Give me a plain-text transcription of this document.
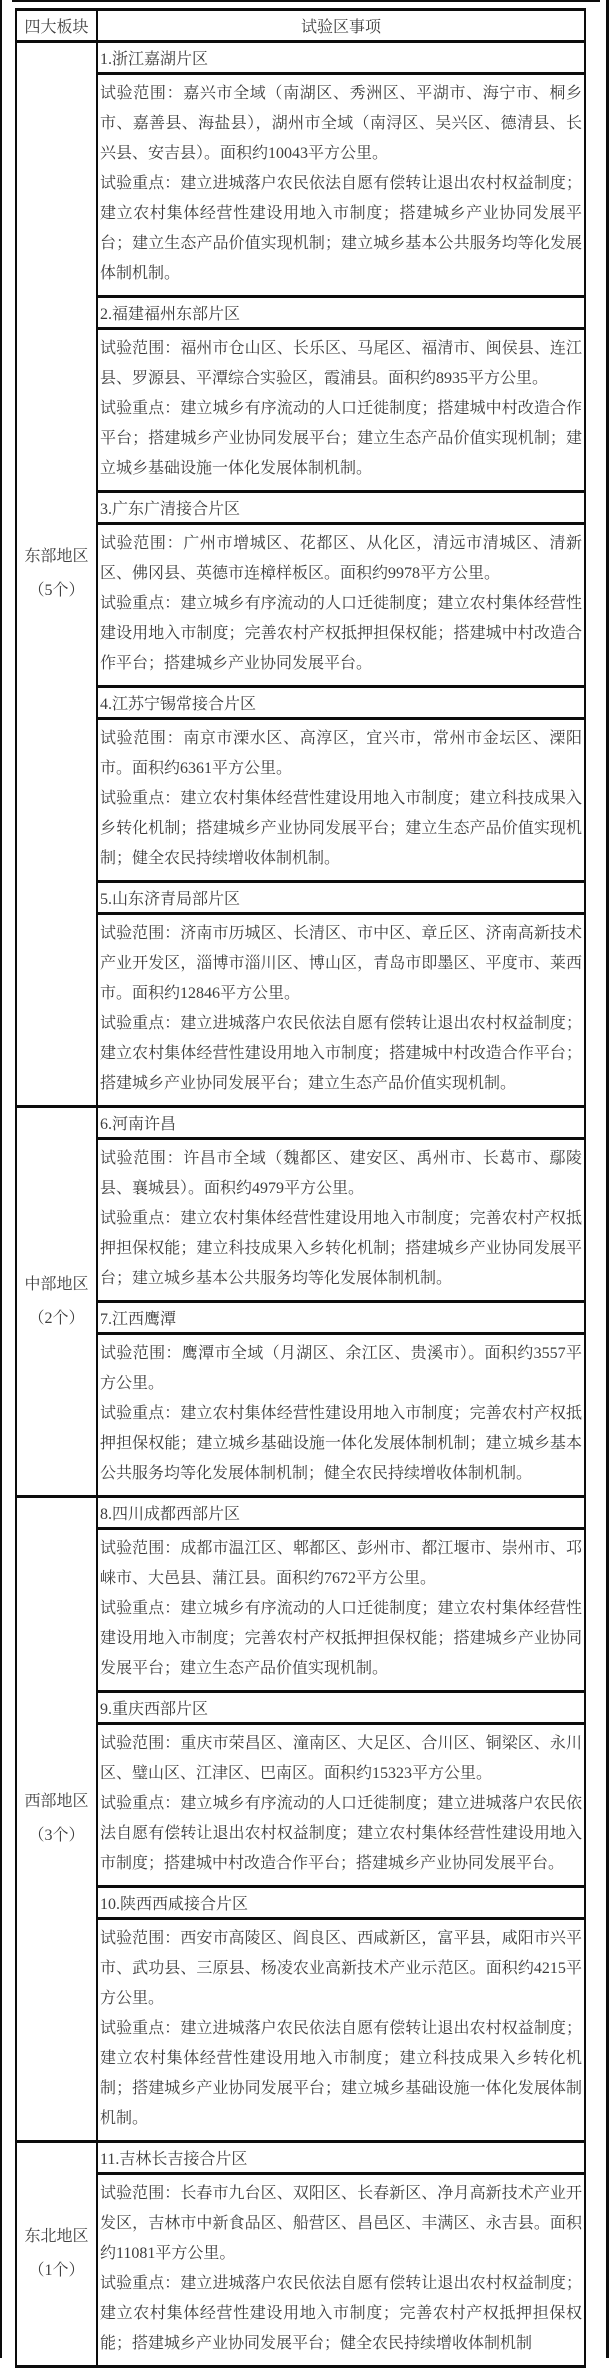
四大板块	试验区事项

东部地区
（5个）	1.浙江嘉湖片区

	试验范围：嘉兴市全域（南湖区、秀洲区、平湖市、海宁市、桐乡市、嘉善县、海盐县），湖州市全域（南浔区、吴兴区、德清县、长兴县、安吉县）。面积约10043平方公里。

试验重点：建立进城落户农民依法自愿有偿转让退出农村权益制度；建立农村集体经营性建设用地入市制度；搭建城乡产业协同发展平台；建立生态产品价值实现机制；建立城乡基本公共服务均等化发展体制机制。

	2.福建福州东部片区

	试验范围：福州市仓山区、长乐区、马尾区、福清市、闽侯县、连江县、罗源县、平潭综合实验区，霞浦县。面积约8935平方公里。

试验重点：建立城乡有序流动的人口迁徙制度；搭建城中村改造合作平台；搭建城乡产业协同发展平台；建立生态产品价值实现机制；建立城乡基础设施一体化发展体制机制。

	3.广东广清接合片区

	试验范围：广州市增城区、花都区、从化区，清远市清城区、清新区、佛冈县、英德市连樟样板区。面积约9978平方公里。

试验重点：建立城乡有序流动的人口迁徙制度；建立农村集体经营性建设用地入市制度；完善农村产权抵押担保权能；搭建城中村改造合作平台；搭建城乡产业协同发展平台。

	4.江苏宁锡常接合片区

	试验范围：南京市溧水区、高淳区，宜兴市，常州市金坛区、溧阳市。面积约6361平方公里。

试验重点：建立农村集体经营性建设用地入市制度；建立科技成果入乡转化机制；搭建城乡产业协同发展平台；建立生态产品价值实现机制；健全农民持续增收体制机制。

	5.山东济青局部片区

	试验范围：济南市历城区、长清区、市中区、章丘区、济南高新技术产业开发区，淄博市淄川区、博山区，青岛市即墨区、平度市、莱西市。面积约12846平方公里。

试验重点：建立进城落户农民依法自愿有偿转让退出农村权益制度；建立农村集体经营性建设用地入市制度；搭建城中村改造合作平台；搭建城乡产业协同发展平台；建立生态产品价值实现机制。

中部地区
（2个）	6.河南许昌

	试验范围：许昌市全域（魏都区、建安区、禹州市、长葛市、鄢陵县、襄城县）。面积约4979平方公里。

试验重点：建立农村集体经营性建设用地入市制度；完善农村产权抵押担保权能；建立科技成果入乡转化机制；搭建城乡产业协同发展平台；建立城乡基本公共服务均等化发展体制机制。

	7.江西鹰潭

	试验范围：鹰潭市全域（月湖区、余江区、贵溪市）。面积约3557平方公里。

试验重点：建立农村集体经营性建设用地入市制度；完善农村产权抵押担保权能；建立城乡基础设施一体化发展体制机制；建立城乡基本公共服务均等化发展体制机制；健全农民持续增收体制机制。

西部地区
（3个）	8.四川成都西部片区

	试验范围：成都市温江区、郫都区、彭州市、都江堰市、崇州市、邛崃市、大邑县、蒲江县。面积约7672平方公里。

试验重点：建立城乡有序流动的人口迁徙制度；建立农村集体经营性建设用地入市制度；完善农村产权抵押担保权能；搭建城乡产业协同发展平台；建立生态产品价值实现机制。

	9.重庆西部片区

	试验范围：重庆市荣昌区、潼南区、大足区、合川区、铜梁区、永川区、璧山区、江津区、巴南区。面积约15323平方公里。

试验重点：建立城乡有序流动的人口迁徙制度；建立进城落户农民依法自愿有偿转让退出农村权益制度；建立农村集体经营性建设用地入市制度；搭建城中村改造合作平台；搭建城乡产业协同发展平台。

	10.陕西西咸接合片区

	试验范围：西安市高陵区、阎良区、西咸新区，富平县，咸阳市兴平市、武功县、三原县、杨凌农业高新技术产业示范区。面积约4215平方公里。

试验重点：建立进城落户农民依法自愿有偿转让退出农村权益制度；建立农村集体经营性建设用地入市制度；建立科技成果入乡转化机制；搭建城乡产业协同发展平台；建立城乡基础设施一体化发展体制机制。

东北地区
（1个）	11.吉林长吉接合片区

	试验范围：长春市九台区、双阳区、长春新区、净月高新技术产业开发区，吉林市中新食品区、船营区、昌邑区、丰满区、永吉县。面积约11081平方公里。

试验重点：建立进城落户农民依法自愿有偿转让退出农村权益制度；建立农村集体经营性建设用地入市制度；完善农村产权抵押担保权能；搭建城乡产业协同发展平台；健全农民持续增收体制机制
